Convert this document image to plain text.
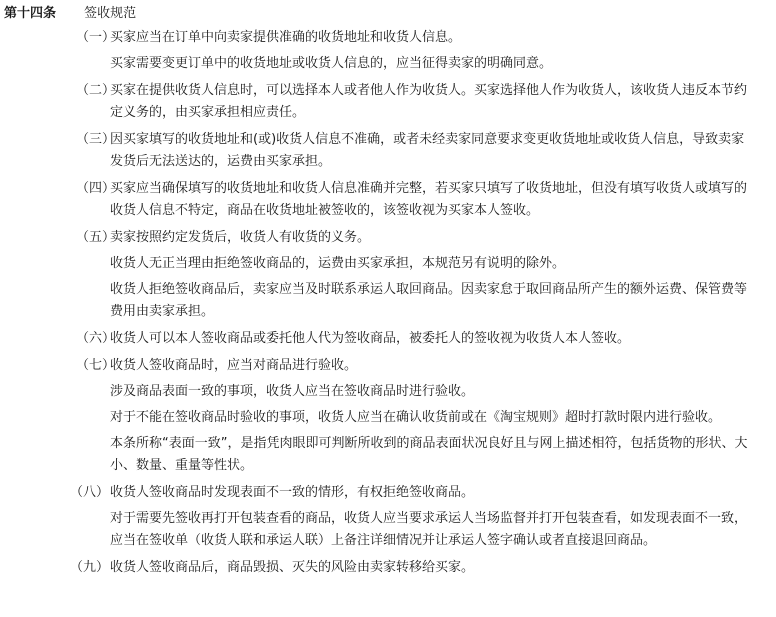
第十四条 签收规范
（一）
买家应当在订单中向卖家提供准确的收货地址和收货人信息。
买家需要变更订单中的收货地址或收货人信息的，应当征得卖家的明确同意。
（二）
买家在提供收货人信息时，可以选择本人或者他人作为收货人。买家选择他人作为收货人，该收货人违反本节约定义务的，由买家承担相应责任。
（三）
因买家填写的收货地址和(或)收货人信息不准确，或者未经卖家同意要求变更收货地址或收货人信息，导致卖家发货后无法送达的，运费由买家承担。
（四）
买家应当确保填写的收货地址和收货人信息准确并完整，若买家只填写了收货地址，但没有填写收货人或填写的收货人信息不特定，商品在收货地址被签收的，该签收视为买家本人签收。
（五）
卖家按照约定发货后，收货人有收货的义务。
收货人无正当理由拒绝签收商品的，运费由买家承担，本规范另有说明的除外。
收货人拒绝签收商品后，卖家应当及时联系承运人取回商品。因卖家怠于取回商品所产生的额外运费、保管费等费用由卖家承担。
（六）
收货人可以本人签收商品或委托他人代为签收商品，被委托人的签收视为收货人本人签收。
（七）
收货人签收商品时，应当对商品进行验收。
涉及商品表面一致的事项，收货人应当在签收商品时进行验收。
对于不能在签收商品时验收的事项，收货人应当在确认收货前或在《淘宝规则》超时打款时限内进行验收。
本条所称“表面一致”，是指凭肉眼即可判断所收到的商品表面状况良好且与网上描述相符，包括货物的形状、大小、数量、重量等性状。
（八） 收货人签收商品时发现表面不一致的情形，有权拒绝签收商品。
对于需要先签收再打开包装查看的商品，收货人应当要求承运人当场监督并打开包装查看，如发现表面不一致，应当在签收单（收货人联和承运人联）上备注详细情况并让承运人签字确认或者直接退回商品。
（九） 收货人签收商品后，商品毁损、灭失的风险由卖家转移给买家。
